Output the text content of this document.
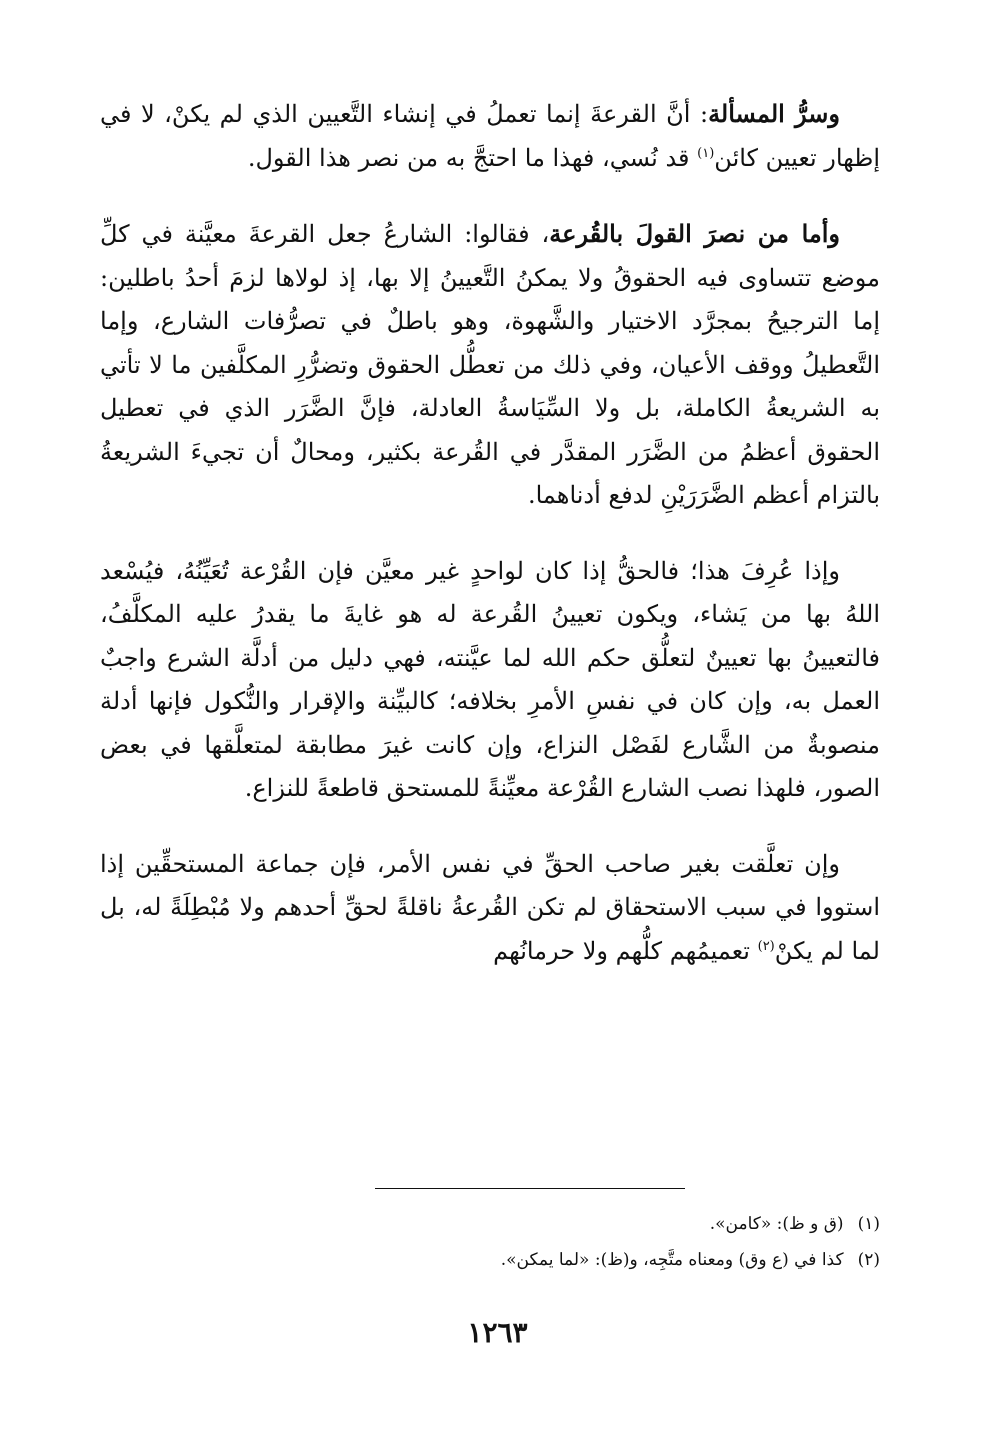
وسرُّ المسألة: أنَّ القرعةَ إنما تعملُ في إنشاء التَّعيين الذي لم يكنْ، لا في إظهار تعيين كائن$^{(١)}$ قد نُسي، فهذا ما احتجَّ به من نصر هذا القول.

وأما من نصرَ القولَ بالقُرعة، فقالوا: الشارعُ جعل القرعةَ معيَّنة في كلِّ موضع تتساوى فيه الحقوقُ ولا يمكنُ التَّعيينُ إلا بها، إذ لولاها لزمَ أحدُ باطلين: إما الترجيحُ بمجرَّد الاختيار والشَّهوة، وهو باطلٌ في تصرُّفات الشارع، وإما التَّعطيلُ ووقف الأعيان، وفي ذلك من تعطُّل الحقوق وتضرُّرِ المكلَّفين ما لا تأتي به الشريعةُ الكاملة، بل ولا السِّيَاسةُ العادلة، فإنَّ الضَّرَر الذي في تعطيل الحقوق أعظمُ من الضَّرَر المقدَّر في القُرعة بكثير، ومحالٌ أن تجيءَ الشريعةُ بالتزام أعظم الضَّرَرَيْنِ لدفع أدناهما.

وإذا عُرِفَ هذا؛ فالحقُّ إذا كان لواحدٍ غير معيَّن فإن القُرْعة تُعَيِّنُهُ، فيُسْعد اللهُ بها من يَشاء، ويكون تعيينُ القُرعة له هو غايةَ ما يقدرُ عليه المكلَّفُ، فالتعيينُ بها تعيينٌ لتعلُّق حكم الله لما عيَّنته، فهي دليل من أدلَّة الشرع واجبٌ العمل به، وإن كان في نفسِ الأمرِ بخلافه؛ كالبيِّنة والإقرار والنُّكول فإنها أدلة منصوبةٌ من الشَّارع لفَصْل النزاع، وإن كانت غيرَ مطابقة لمتعلَّقها في بعض الصور، فلهذا نصب الشارع القُرْعة معيِّنةً للمستحق قاطعةً للنزاع.

وإن تعلَّقت بغير صاحب الحقِّ في نفس الأمر، فإن جماعة المستحقِّين إذا استووا في سبب الاستحقاق لم تكن القُرعةُ ناقلةً لحقِّ أحدهم ولا مُبْطِلَةً له، بل لما لم يكنْ$^{(٢)}$ تعميمُهم كلُّهم ولا حرمانُهم

(١)(ق و ظ): «كامن».

(٢)كذا في (ع وق) ومعناه متَّجِه، و(ظ): «لما يمكن».

١٢٦٣
